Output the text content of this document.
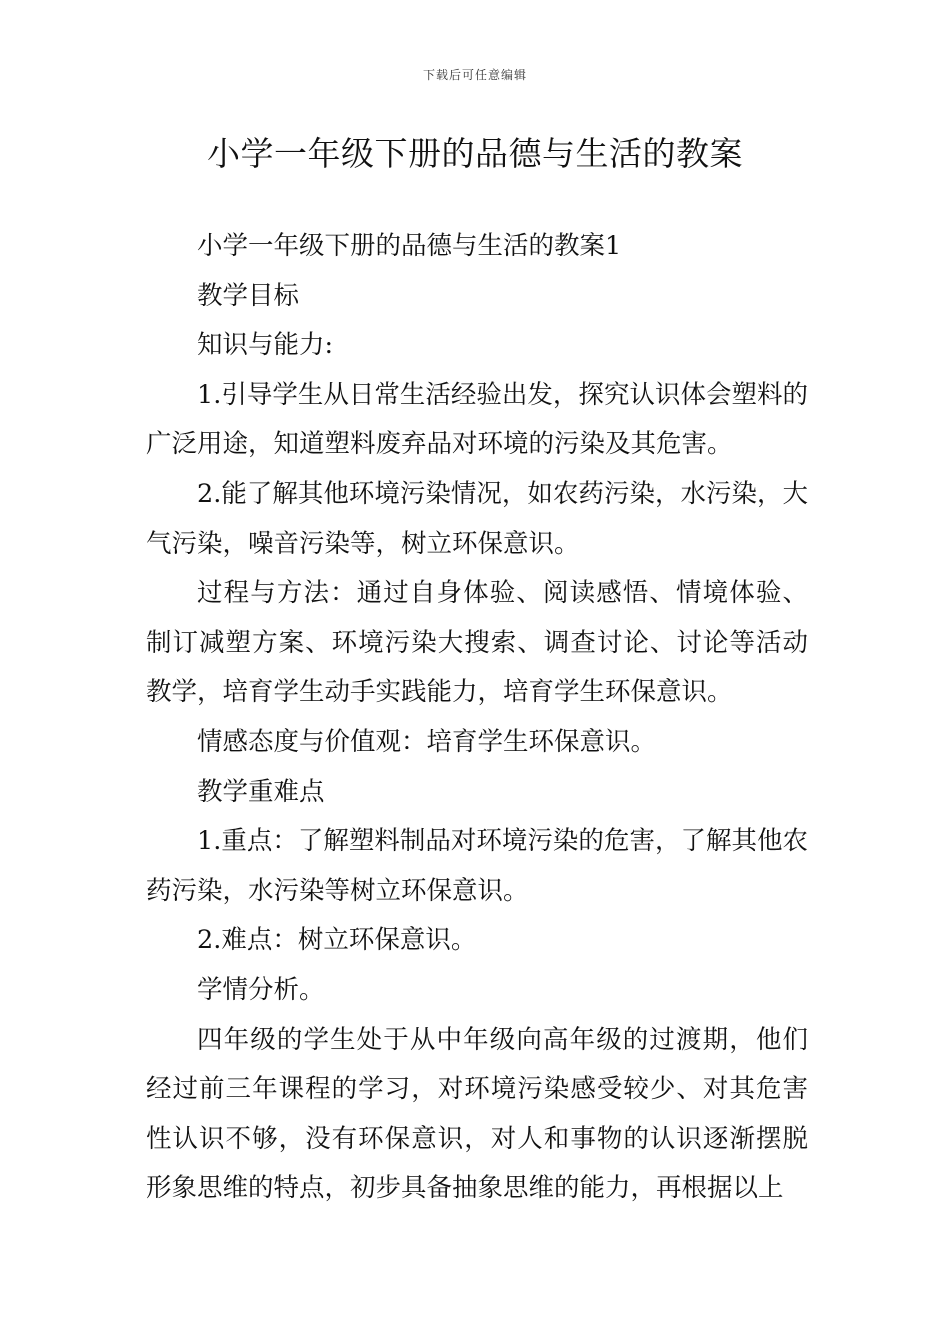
下载后可任意编辑
小学一年级下册的品德与生活的教案

小学一年级下册的品德与生活的教案1

教学目标

知识与能力:

1.引导学生从日常生活经验出发，探究认识体会塑料的广泛用途，知道塑料废弃品对环境的污染及其危害。

2.能了解其他环境污染情况，如农药污染，水污染，大气污染，噪音污染等，树立环保意识。

过程与方法：通过自身体验、阅读感悟、情境体验、制订减塑方案、环境污染大搜索、调查讨论、讨论等活动教学，培育学生动手实践能力，培育学生环保意识。

情感态度与价值观：培育学生环保意识。

教学重难点

1.重点：了解塑料制品对环境污染的危害，了解其他农药污染，水污染等树立环保意识。

2.难点：树立环保意识。

学情分析。

四年级的学生处于从中年级向高年级的过渡期，他们经过前三年课程的学习，对环境污染感受较少、对其危害性认识不够，没有环保意识，对人和事物的认识逐渐摆脱形象思维的特点，初步具备抽象思维的能力，再根据以上
